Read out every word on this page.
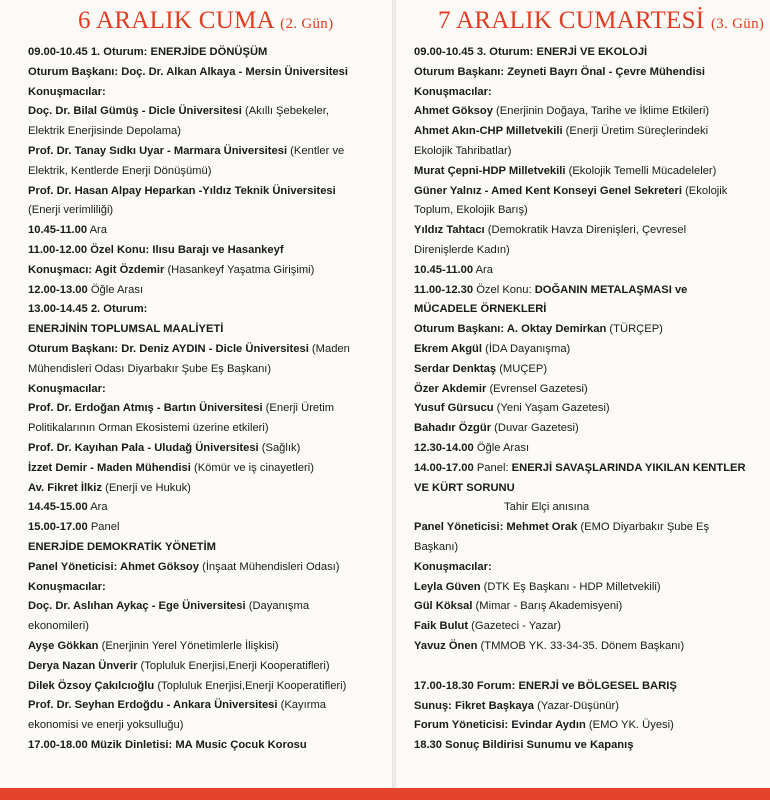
6 ARALIK CUMA (2. Gün)
09.00-10.45 1. Oturum: ENERJİDE DÖNÜŞÜM
Oturum Başkanı: Doç. Dr. Alkan Alkaya - Mersin Üniversitesi
Konuşmacılar:
Doç. Dr. Bilal Gümüş - Dicle Üniversitesi (Akıllı Şebekeler,
Elektrik Enerjisinde Depolama)
Prof. Dr. Tanay Sıdkı Uyar - Marmara Üniversitesi (Kentler ve
Elektrik, Kentlerde Enerji Dönüşümü)
Prof. Dr. Hasan Alpay Heparkan -Yıldız Teknik Üniversitesi
(Enerji verimliliği)
10.45-11.00 Ara
11.00-12.00 Özel Konu: Ilısu Barajı ve Hasankeyf
Konuşmacı: Agit Özdemir (Hasankeyf Yaşatma Girişimi)
12.00-13.00 Öğle Arası
13.00-14.45 2. Oturum:
ENERJİNİN TOPLUMSAL MAALİYETİ
Oturum Başkanı: Dr. Deniz AYDIN - Dicle Üniversitesi (Maden
Mühendisleri Odası Diyarbakır Şube Eş Başkanı)
Konuşmacılar:
Prof. Dr. Erdoğan Atmış - Bartın Üniversitesi (Enerji Üretim
Politikalarının Orman Ekosistemi üzerine etkileri)
Prof. Dr. Kayıhan Pala - Uludağ Üniversitesi (Sağlık)
İzzet Demir - Maden Mühendisi (Kömür ve iş cinayetleri)
Av. Fikret İlkiz (Enerji ve Hukuk)
14.45-15.00 Ara
15.00-17.00 Panel
ENERJİDE DEMOKRATİK YÖNETİM
Panel Yöneticisi: Ahmet Göksoy (İnşaat Mühendisleri Odası)
Konuşmacılar:
Doç. Dr. Aslıhan Aykaç - Ege Üniversitesi (Dayanışma
ekonomileri)
Ayşe Gökkan (Enerjinin Yerel Yönetimlerle İlişkisi)
Derya Nazan Ünverir (Topluluk Enerjisi,Enerji Kooperatifleri)
Dilek Özsoy Çakılcıoğlu (Topluluk Enerjisi,Enerji Kooperatifleri)
Prof. Dr. Seyhan Erdoğdu - Ankara Üniversitesi (Kayırma
ekonomisi ve enerji yoksulluğu)
17.00-18.00 Müzik Dinletisi: MA Music Çocuk Korosu
7 ARALIK CUMARTESİ (3. Gün)
09.00-10.45 3. Oturum: ENERJİ VE EKOLOJİ
Oturum Başkanı: Zeyneti Bayrı Önal - Çevre Mühendisi
Konuşmacılar:
Ahmet Göksoy (Enerjinin Doğaya, Tarihe ve İklime Etkileri)
Ahmet Akın-CHP Milletvekili (Enerji Üretim Süreçlerindeki
Ekolojik Tahribatlar)
Murat Çepni-HDP Milletvekili (Ekolojik Temelli Mücadeleler)
Güner Yalnız - Amed Kent Konseyi Genel Sekreteri (Ekolojik
Toplum, Ekolojik Barış)
Yıldız Tahtacı (Demokratik Havza Direnişleri, Çevresel
Direnişlerde Kadın)
10.45-11.00 Ara
11.00-12.30 Özel Konu: DOĞANIN METALAŞMASI ve
MÜCADELE ÖRNEKLERİ
Oturum Başkanı: A. Oktay Demirkan (TÜRÇEP)
Ekrem Akgül (İDA Dayanışma)
Serdar Denktaş (MUÇEP)
Özer Akdemir (Evrensel Gazetesi)
Yusuf Gürsucu (Yeni Yaşam Gazetesi)
Bahadır Özgür (Duvar Gazetesi)
12.30-14.00 Öğle Arası
14.00-17.00 Panel: ENERJİ SAVAŞLARINDA YIKILAN KENTLER
VE KÜRT SORUNU
Tahir Elçi anısına
Panel Yöneticisi: Mehmet Orak (EMO Diyarbakır Şube Eş
Başkanı)
Konuşmacılar:
Leyla Güven (DTK Eş Başkanı - HDP Milletvekili)
Gül Köksal (Mimar - Barış Akademisyeni)
Faik Bulut (Gazeteci - Yazar)
Yavuz Önen (TMMOB YK. 33-34-35. Dönem Başkanı)
17.00-18.30 Forum: ENERJİ ve BÖLGESEL BARIŞ
Sunuş: Fikret Başkaya (Yazar-Düşünür)
Forum Yöneticisi: Evindar Aydın (EMO YK. Üyesi)
18.30 Sonuç Bildirisi Sunumu ve Kapanış
